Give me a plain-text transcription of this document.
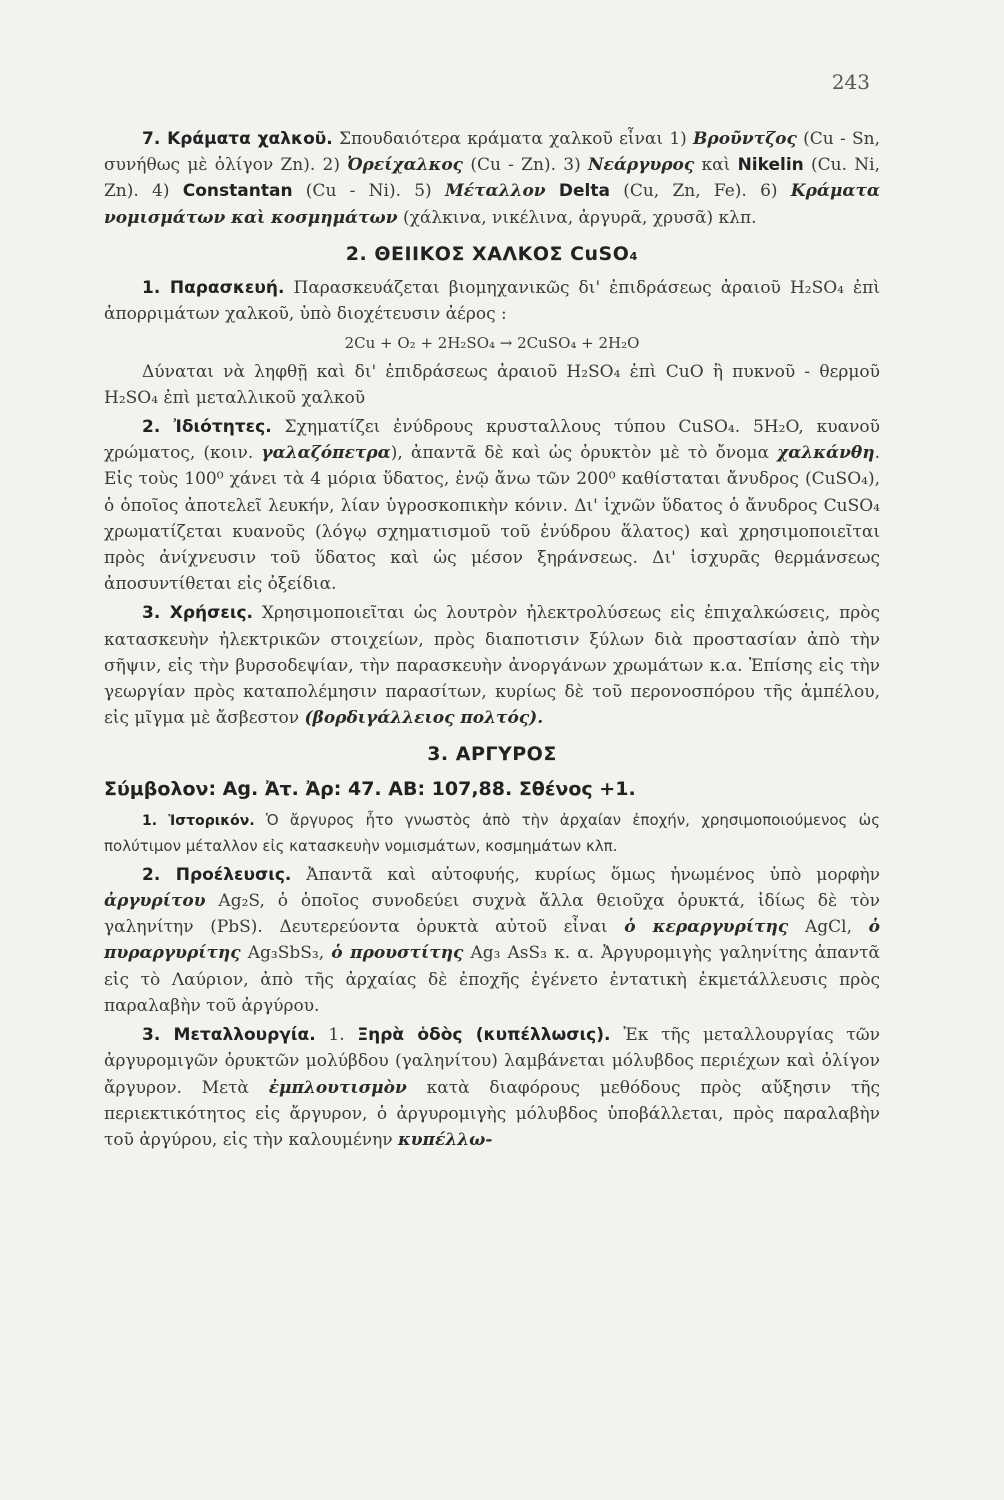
243

7. Κράματα χαλκοῦ. Σπουδαιότερα κράματα χαλκοῦ εἶναι 1) Βροῦντζος (Cu - Sn, συνήθως μὲ ὀλίγον Zn). 2) Ὀρείχαλκος (Cu - Zn). 3) Νεάργυρος καὶ Nikelin (Cu. Ni, Zn). 4) Constantan (Cu - Ni). 5) Μέταλλον Delta (Cu, Zn, Fe). 6) Κράματα νομισμάτων καὶ κοσμημάτων (χάλκινα, νικέλινα, ἀργυρᾶ, χρυσᾶ) κλπ.

2. ΘΕΙΙΚΟΣ ΧΑΛΚΟΣ CuSO₄

1. Παρασκευή. Παρασκευάζεται βιομηχανικῶς δι' ἐπιδράσεως ἀραιοῦ H₂SO₄ ἐπὶ ἀπορριμάτων χαλκοῦ, ὑπὸ διοχέτευσιν ἀέρος :

2Cu + O₂ + 2H₂SO₄ → 2CuSO₄ + 2H₂O

Δύναται νὰ ληφθῇ καὶ δι' ἐπιδράσεως ἀραιοῦ H₂SO₄ ἐπὶ CuO ἢ πυκνοῦ - θερμοῦ H₂SO₄ ἐπὶ μεταλλικοῦ χαλκοῦ

2. Ἰδιότητες. Σχηματίζει ἐνύδρους κρυσταλλους τύπου CuSO₄. 5H₂O, κυανοῦ χρώματος, (κοιν. γαλαζόπετρα), ἀπαντᾶ δὲ καὶ ὡς ὀρυκτὸν μὲ τὸ ὄνομα χαλκάνθη. Εἰς τοὺς 100⁰ χάνει τὰ 4 μόρια ὕδατος, ἐνῷ ἄνω τῶν 200⁰ καθίσταται ἄνυδρος (CuSO₄), ὁ ὁποῖος ἀποτελεῖ λευκήν, λίαν ὑγροσκοπικὴν κόνιν. Δι' ἰχνῶν ὕδατος ὁ ἄνυδρος CuSO₄ χρωματίζεται κυανοῦς (λόγῳ σχηματισμοῦ τοῦ ἐνύδρου ἅλατος) καὶ χρησιμοποιεῖται πρὸς ἀνίχνευσιν τοῦ ὕδατος καὶ ὡς μέσον ξηράνσεως. Δι' ἰσχυρᾶς θερμάνσεως ἀποσυντίθεται εἰς ὀξείδια.

3. Χρήσεις. Χρησιμοποιεῖται ὡς λουτρὸν ἠλεκτρολύσεως εἰς ἐπιχαλκώσεις, πρὸς κατασκευὴν ἠλεκτρικῶν στοιχείων, πρὸς διαποτισιν ξύλων διὰ προστασίαν ἀπὸ τὴν σῆψιν, εἰς τὴν βυρσοδεψίαν, τὴν παρασκευὴν ἀνοργάνων χρωμάτων κ.α. Ἐπίσης εἰς τὴν γεωργίαν πρὸς καταπολέμησιν παρασίτων, κυρίως δὲ τοῦ περονοσπόρου τῆς ἀμπέλου, εἰς μῖγμα μὲ ἄσβεστον (βορδιγάλλειος πολτός).

3. ΑΡΓΥΡΟΣ
Σύμβολον: Ag. Ἀτ. Ἀρ: 47. ΑΒ: 107,88. Σθένος +1.

1. Ἱστορικόν. Ὁ ἄργυρος ἦτο γνωστὸς ἀπὸ τὴν ἀρχαίαν ἐποχήν, χρησιμοποιούμενος ὡς πολύτιμον μέταλλον εἰς κατασκευὴν νομισμάτων, κοσμημάτων κλπ.

2. Προέλευσις. Ἀπαντᾶ καὶ αὐτοφυής, κυρίως ὅμως ἡνωμένος ὑπὸ μορφὴν ἀργυρίτου Ag₂S, ὁ ὁποῖος συνοδεύει συχνὰ ἄλλα θειοῦχα ὀρυκτά, ἰδίως δὲ τὸν γαληνίτην (PbS). Δευτερεύοντα ὀρυκτὰ αὐτοῦ εἶναι ὁ κεραργυρίτης AgCl, ὁ πυραργυρίτης Ag₃SbS₃, ὁ προυστίτης Ag₃ AsS₃ κ. α. Ἀργυρομιγὴς γαληνίτης ἀπαντᾶ εἰς τὸ Λαύριον, ἀπὸ τῆς ἀρχαίας δὲ ἐποχῆς ἐγένετο ἐντατικὴ ἐκμετάλλευσις πρὸς παραλαβὴν τοῦ ἀργύρου.

3. Μεταλλουργία. 1. Ξηρὰ ὁδὸς (κυπέλλωσις). Ἐκ τῆς μεταλλουργίας τῶν ἀργυρομιγῶν ὀρυκτῶν μολύβδου (γαληνίτου) λαμβάνεται μόλυβδος περιέχων καὶ ὀλίγον ἄργυρον. Μετὰ ἐμπλουτισμὸν κατὰ διαφόρους μεθόδους πρὸς αὔξησιν τῆς περιεκτικότητος εἰς ἄργυρον, ὁ ἀργυρομιγὴς μόλυβδος ὑποβάλλεται, πρὸς παραλαβὴν τοῦ ἀργύρου, εἰς τὴν καλουμένην κυπέλλω-
